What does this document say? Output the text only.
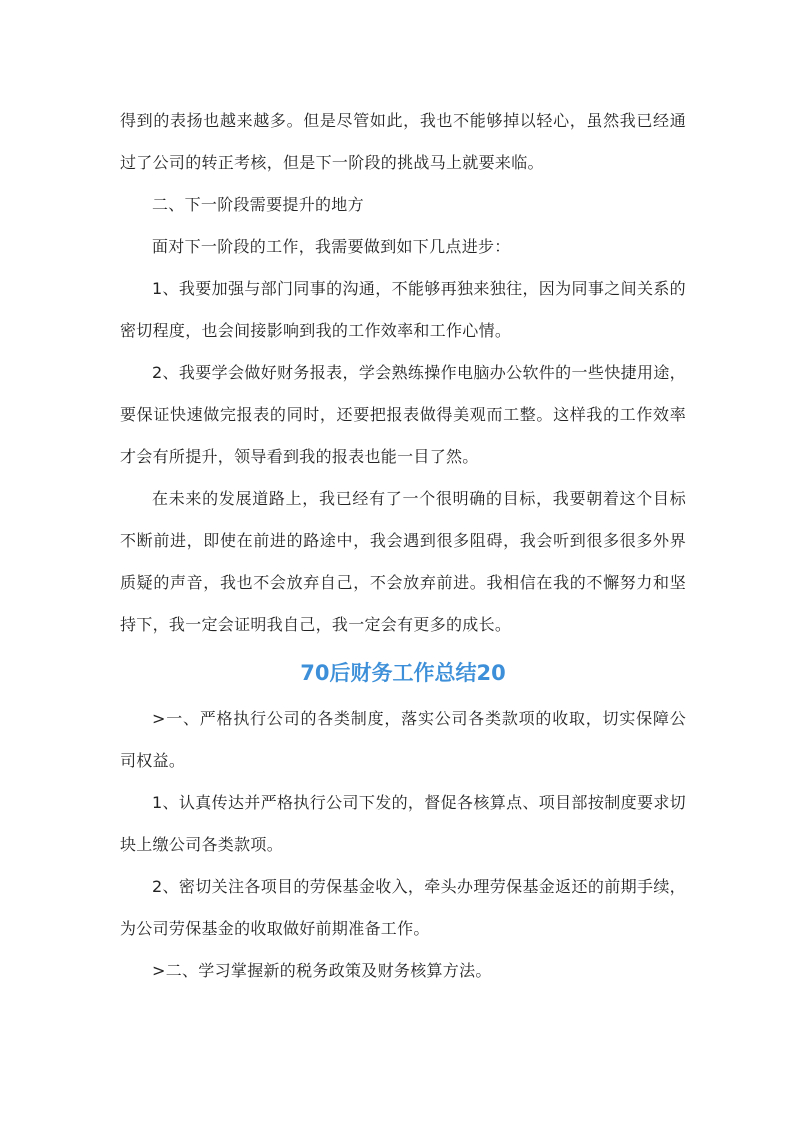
得到的表扬也越来越多。但是尽管如此，我也不能够掉以轻心，虽然我已经通过了公司的转正考核，但是下一阶段的挑战马上就要来临。

二、下一阶段需要提升的地方

面对下一阶段的工作，我需要做到如下几点进步：

1、我要加强与部门同事的沟通，不能够再独来独往，因为同事之间关系的密切程度，也会间接影响到我的工作效率和工作心情。

2、我要学会做好财务报表，学会熟练操作电脑办公软件的一些快捷用途，要保证快速做完报表的同时，还要把报表做得美观而工整。这样我的工作效率才会有所提升，领导看到我的报表也能一目了然。

在未来的发展道路上，我已经有了一个很明确的目标，我要朝着这个目标不断前进，即使在前进的路途中，我会遇到很多阻碍，我会听到很多很多外界质疑的声音，我也不会放弃自己，不会放弃前进。我相信在我的不懈努力和坚持下，我一定会证明我自己，我一定会有更多的成长。

70后财务工作总结20

>一、严格执行公司的各类制度，落实公司各类款项的收取，切实保障公司权益。

1、认真传达并严格执行公司下发的，督促各核算点、项目部按制度要求切块上缴公司各类款项。

2、密切关注各项目的劳保基金收入，牵头办理劳保基金返还的前期手续，为公司劳保基金的收取做好前期准备工作。

>二、学习掌握新的税务政策及财务核算方法。
